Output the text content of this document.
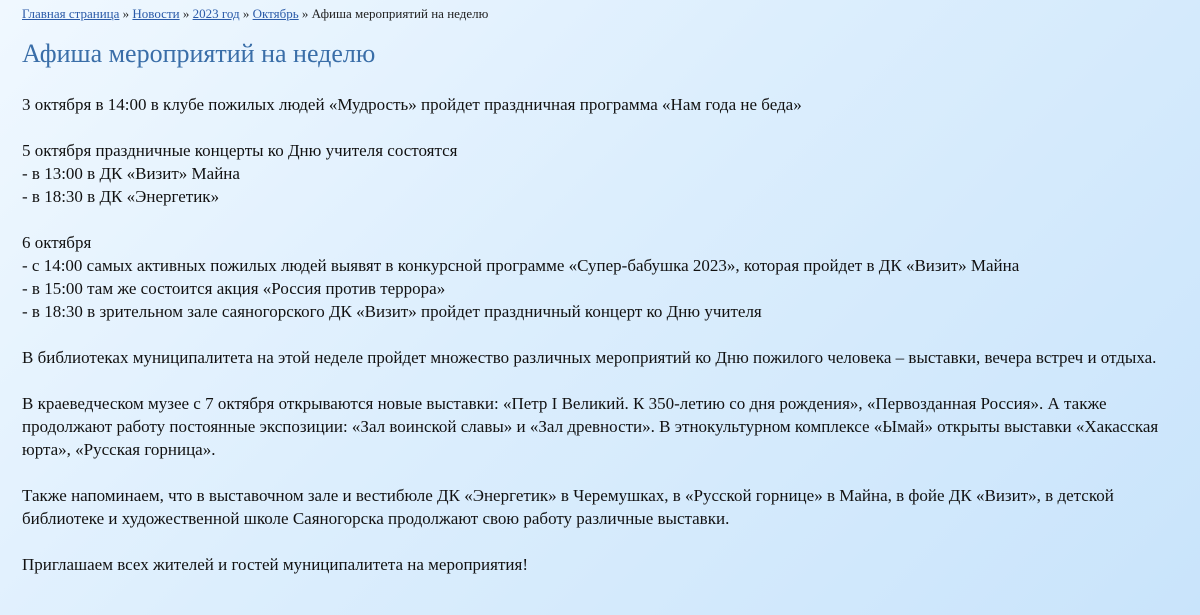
Главная страница » Новости » 2023 год » Октябрь » Афиша мероприятий на неделю
Афиша мероприятий на неделю

3 октября в 14:00 в клубе пожилых людей «Мудрость» пройдет праздничная программа «Нам года не беда»

5 октября праздничные концерты ко Дню учителя состоятся
- в 13:00 в ДК «Визит» Майна
- в 18:30 в ДК «Энергетик»

6 октября
- с 14:00 самых активных пожилых людей выявят в конкурсной программе «Супер-бабушка 2023», которая пройдет в ДК «Визит» Майна
- в 15:00 там же состоится акция «Россия против террора»
- в 18:30 в зрительном зале саяногорского ДК «Визит» пройдет праздничный концерт ко Дню учителя

В библиотеках муниципалитета на этой неделе пройдет множество различных мероприятий ко Дню пожилого человека – выставки, вечера встреч и отдыха.

В краеведческом музее с 7 октября открываются новые выставки: «Петр I Великий. К 350-летию со дня рождения», «Первозданная Россия». А также продолжают работу постоянные экспозиции: «Зал воинской славы» и «Зал древности». В этнокультурном комплексе «Ымай» открыты выставки «Хакасская юрта», «Русская горница».

Также напоминаем, что в выставочном зале и вестибюле ДК «Энергетик» в Черемушках, в «Русской горнице» в Майна, в фойе ДК «Визит», в детской библиотеке и художественной школе Саяногорска продолжают свою работу различные выставки.

Приглашаем всех жителей и гостей муниципалитета на мероприятия!
